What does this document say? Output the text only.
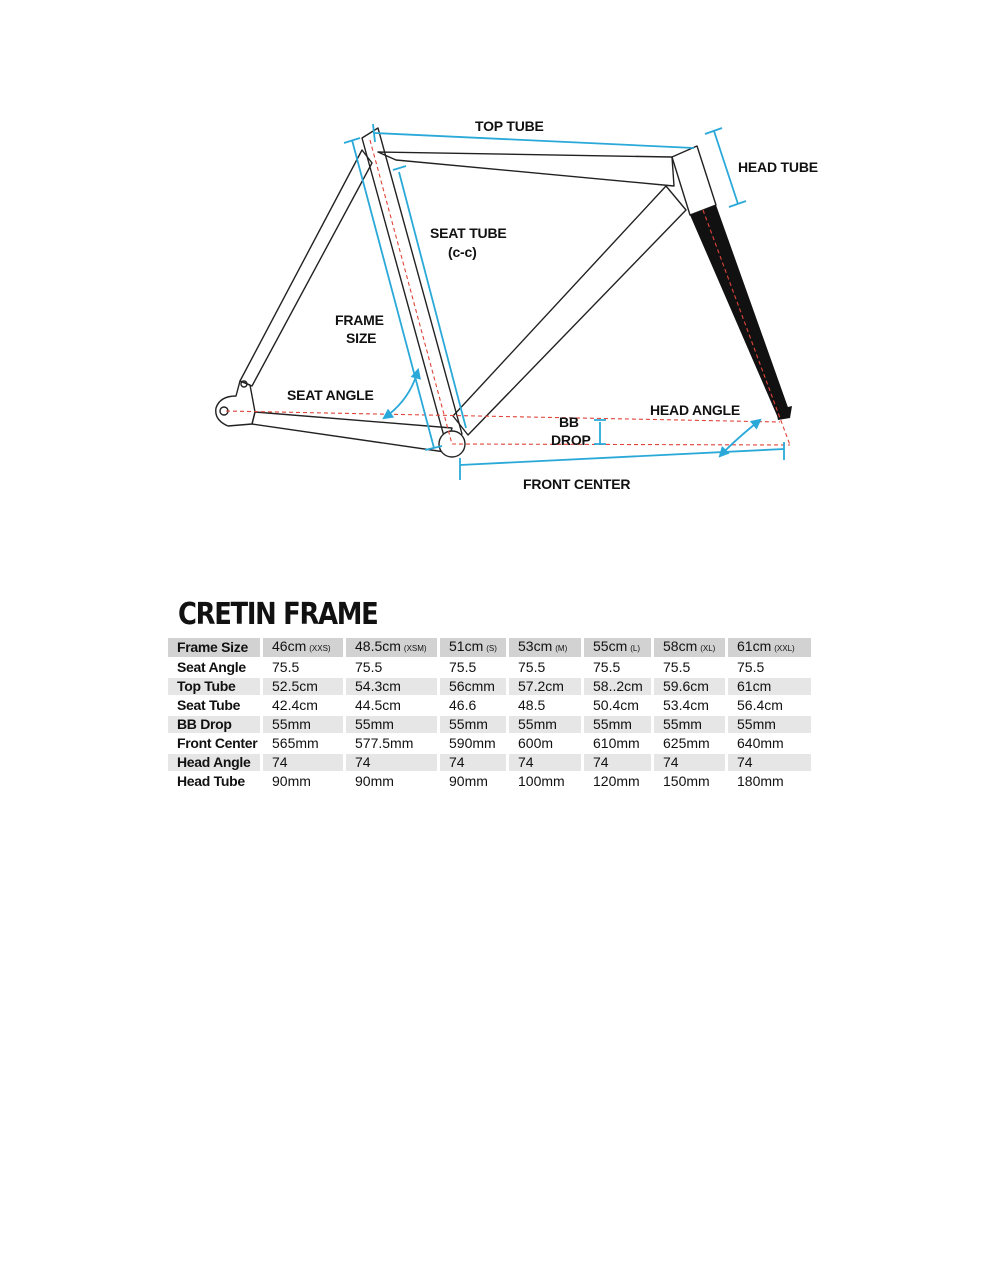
TOP TUBE
HEAD TUBE
SEAT TUBE
(c-c)
FRAME
SIZE
SEAT ANGLE
HEAD ANGLE
BB
DROP
FRONT CENTER
CRETIN FRAME
Frame Size	46cm (XXS)	48.5cm (XSM)	51cm (S)	53cm (M)	55cm (L)	58cm (XL)	61cm (XXL)
Seat Angle	75.5	75.5	75.5	75.5	75.5	75.5	75.5
Top Tube	52.5cm	54.3cm	56cmm	57.2cm	58..2cm	59.6cm	61cm
Seat Tube	42.4cm	44.5cm	46.6	48.5	50.4cm	53.4cm	56.4cm
BB Drop	55mm	55mm	55mm	55mm	55mm	55mm	55mm
Front Center	565mm	577.5mm	590mm	600m	610mm	625mm	640mm
Head Angle	74	74	74	74	74	74	74
Head Tube	90mm	90mm	90mm	100mm	120mm	150mm	180mm
